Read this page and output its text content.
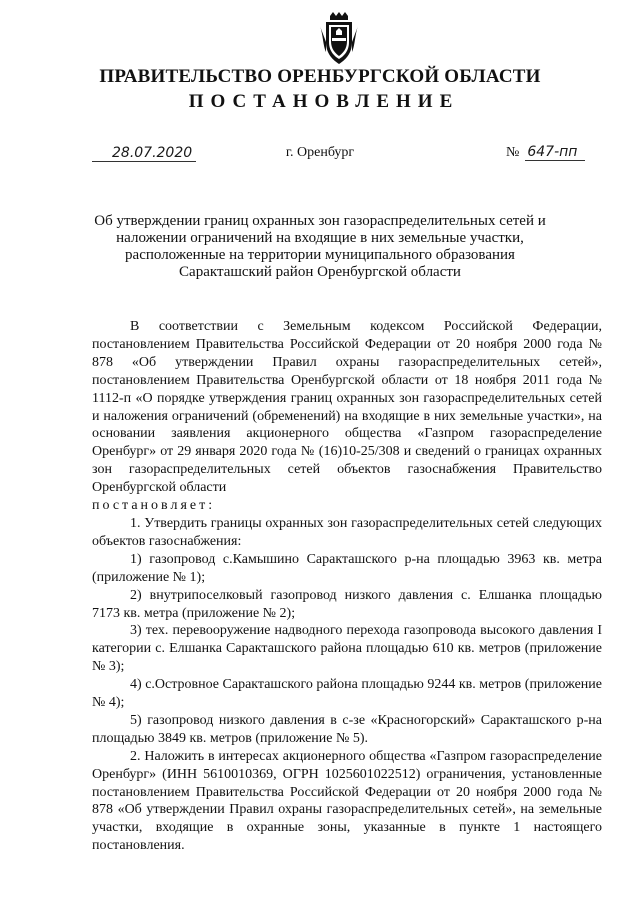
ПРАВИТЕЛЬСТВО ОРЕНБУРГСКОЙ ОБЛАСТИ
ПОСТАНОВЛЕНИЕ
28.07.2020	г. Оренбург	№ 647-пп
Об утверждении границ охранных зон газораспределительных сетей и
наложении ограничений на входящие в них земельные участки,
расположенные на территории муниципального образования
Саракташский район Оренбургской области

В соответствии с Земельным кодексом Российской Федерации, постановлением Правительства Российской Федерации от 20 ноября 2000 года № 878 «Об утверждении Правил охраны газораспределительных сетей», постановлением Правительства Оренбургской области от 18 ноября 2011 года № 1112-п «О порядке утверждения границ охранных зон газораспределительных сетей и наложения ограничений (обременений) на входящие в них земельные участки», на основании заявления акционерного общества «Газпром газораспределение Оренбург» от 29 января 2020 года № (16)10-25/308 и сведений о границах охранных зон газораспределительных сетей объектов газоснабжения Правительство Оренбургской области

постановляет:

1. Утвердить границы охранных зон газораспределительных сетей следующих объектов газоснабжения:

1) газопровод с.Камышино Саракташского р-на площадью 3963 кв. метра (приложение № 1);

2) внутрипоселковый газопровод низкого давления с. Елшанка площадью 7173 кв. метра (приложение № 2);

3) тех. перевооружение надводного перехода газопровода высокого давления I категории с. Елшанка Саракташского района площадью 610 кв. метров (приложение № 3);

4) с.Островное Саракташского района площадью 9244 кв. метров (приложение № 4);

5) газопровод низкого давления в с-зе «Красногорский» Саракташского р-на площадью 3849 кв. метров (приложение № 5).

2. Наложить в интересах акционерного общества «Газпром газораспределение Оренбург» (ИНН 5610010369, ОГРН 1025601022512) ограничения, установленные постановлением Правительства Российской Федерации от 20 ноября 2000 года № 878 «Об утверждении Правил охраны газораспределительных сетей», на земельные участки, входящие в охранные зоны, указанные в пункте 1 настоящего постановления.
